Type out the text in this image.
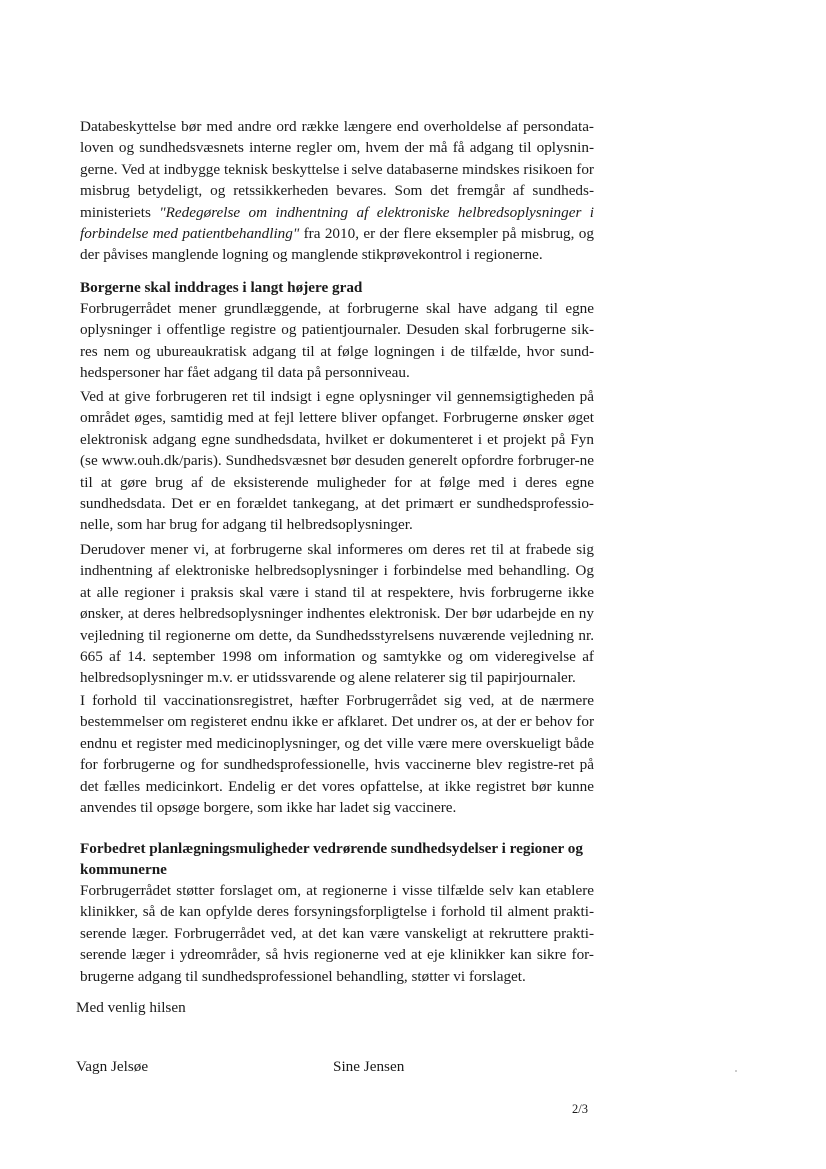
Databeskyttelse bør med andre ord række længere end overholdelse af persondata-loven og sundhedsvæsnets interne regler om, hvem der må få adgang til oplysnin-gerne. Ved at indbygge teknisk beskyttelse i selve databaserne mindskes risikoen for misbrug betydeligt, og retssikkerheden bevares. Som det fremgår af sundheds-ministeriets "Redegørelse om indhentning af elektroniske helbredsoplysninger i forbindelse med patientbehandling" fra 2010, er der flere eksempler på misbrug, og der påvises manglende logning og manglende stikprøvekontrol i regionerne.

Borgerne skal inddrages i langt højere grad

Forbrugerrådet mener grundlæggende, at forbrugerne skal have adgang til egne oplysninger i offentlige registre og patientjournaler. Desuden skal forbrugerne sik-res nem og ubureaukratisk adgang til at følge logningen i de tilfælde, hvor sund-hedspersoner har fået adgang til data på personniveau.

Ved at give forbrugeren ret til indsigt i egne oplysninger vil gennemsigtigheden på området øges, samtidig med at fejl lettere bliver opfanget. Forbrugerne ønsker øget elektronisk adgang egne sundhedsdata, hvilket er dokumenteret i et projekt på Fyn (se www.ouh.dk/paris). Sundhedsvæsnet bør desuden generelt opfordre forbruger-ne til at gøre brug af de eksisterende muligheder for at følge med i deres egne sundhedsdata. Det er en forældet tankegang, at det primært er sundhedsprofessio-nelle, som har brug for adgang til helbredsoplysninger.

Derudover mener vi, at forbrugerne skal informeres om deres ret til at frabede sig indhentning af elektroniske helbredsoplysninger i forbindelse med behandling. Og at alle regioner i praksis skal være i stand til at respektere, hvis forbrugerne ikke ønsker, at deres helbredsoplysninger indhentes elektronisk. Der bør udarbejde en ny vejledning til regionerne om dette, da Sundhedsstyrelsens nuværende vejledning nr. 665 af 14. september 1998 om information og samtykke og om videregivelse af helbredsoplysninger m.v. er utidssvarende og alene relaterer sig til papirjournaler.

I forhold til vaccinationsregistret, hæfter Forbrugerrådet sig ved, at de nærmere bestemmelser om registeret endnu ikke er afklaret. Det undrer os, at der er behov for endnu et register med medicinoplysninger, og det ville være mere overskueligt både for forbrugerne og for sundhedsprofessionelle, hvis vaccinerne blev registre-ret på det fælles medicinkort. Endelig er det vores opfattelse, at ikke registret bør kunne anvendes til opsøge borgere, som ikke har ladet sig vaccinere.

Forbedret planlægningsmuligheder vedrørende sundhedsydelser i regioner og kommunerne

Forbrugerrådet støtter forslaget om, at regionerne i visse tilfælde selv kan etablere klinikker, så de kan opfylde deres forsyningsforpligtelse i forhold til alment prakti-serende læger. Forbrugerrådet ved, at det kan være vanskeligt at rekruttere prakti-serende læger i ydreområder, så hvis regionerne ved at eje klinikker kan sikre for-brugerne adgang til sundhedsprofessionel behandling, støtter vi forslaget.

Med venlig hilsen

Vagn Jelsøe	Sine Jensen

2/3
